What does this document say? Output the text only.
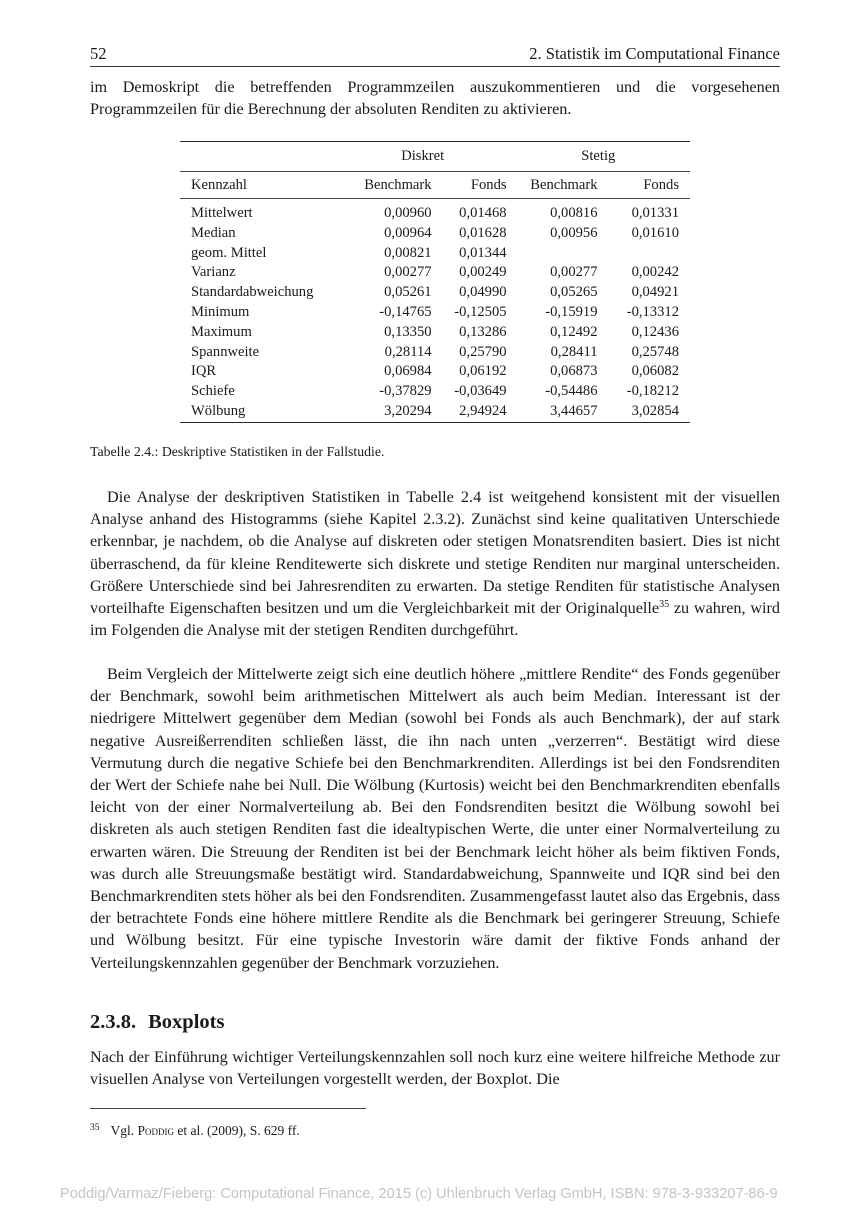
52	2. Statistik im Computational Finance
im Demoskript die betreffenden Programmzeilen auszukommentieren und die vorgesehenen Programmzeilen für die Berechnung der absoluten Renditen zu aktivieren.
	Diskret		Stetig	
Kennzahl	Benchmark	Fonds	Benchmark	Fonds

Mittelwert	0,00960	0,01468	0,00816	0,01331
Median	0,00964	0,01628	0,00956	0,01610
geom. Mittel	0,00821	0,01344		
Varianz	0,00277	0,00249	0,00277	0,00242
Standardabweichung	0,05261	0,04990	0,05265	0,04921
Minimum	-0,14765	-0,12505	-0,15919	-0,13312
Maximum	0,13350	0,13286	0,12492	0,12436
Spannweite	0,28114	0,25790	0,28411	0,25748
IQR	0,06984	0,06192	0,06873	0,06082
Schiefe	-0,37829	-0,03649	-0,54486	-0,18212
Wölbung	3,20294	2,94924	3,44657	3,02854
Tabelle 2.4.: Deskriptive Statistiken in der Fallstudie.
Die Analyse der deskriptiven Statistiken in Tabelle 2.4 ist weitgehend konsistent mit der visuellen Analyse anhand des Histogramms (siehe Kapitel 2.3.2). Zunächst sind keine qualitativen Unterschiede erkennbar, je nachdem, ob die Analyse auf diskreten oder stetigen Monatsrenditen basiert. Dies ist nicht überraschend, da für kleine Renditewerte sich diskrete und stetige Renditen nur marginal unterscheiden. Größere Unterschiede sind bei Jahresrenditen zu erwarten. Da stetige Renditen für statistische Analysen vorteilhafte Eigenschaften besitzen und um die Vergleichbarkeit mit der Originalquelle$^{35}$ zu wahren, wird im Folgenden die Analyse mit der stetigen Renditen durchgeführt.
Beim Vergleich der Mittelwerte zeigt sich eine deutlich höhere „mittlere Rendite“ des Fonds gegenüber der Benchmark, sowohl beim arithmetischen Mittelwert als auch beim Median. Interessant ist der niedrigere Mittelwert gegenüber dem Median (sowohl bei Fonds als auch Benchmark), der auf stark negative Ausreißerrenditen schließen lässt, die ihn nach unten „verzerren“. Bestätigt wird diese Vermutung durch die negative Schiefe bei den Benchmarkrenditen. Allerdings ist bei den Fondsrenditen der Wert der Schiefe nahe bei Null. Die Wölbung (Kurtosis) weicht bei den Benchmarkrenditen ebenfalls leicht von der einer Normalverteilung ab. Bei den Fondsrenditen besitzt die Wölbung sowohl bei diskreten als auch stetigen Renditen fast die idealtypischen Werte, die unter einer Normalverteilung zu erwarten wären. Die Streuung der Renditen ist bei der Benchmark leicht höher als beim fiktiven Fonds, was durch alle Streuungsmaße bestätigt wird. Standardabweichung, Spannweite und IQR sind bei den Benchmarkrenditen stets höher als bei den Fondsrenditen. Zusammengefasst lautet also das Ergebnis, dass der betrachtete Fonds eine höhere mittlere Rendite als die Benchmark bei geringerer Streuung, Schiefe und Wölbung besitzt. Für eine typische Investorin wäre damit der fiktive Fonds anhand der Verteilungskennzahlen gegenüber der Benchmark vorzuziehen.
2.3.8. Boxplots
Nach der Einführung wichtiger Verteilungskennzahlen soll noch kurz eine weitere hilfreiche Methode zur visuellen Analyse von Verteilungen vorgestellt werden, der Boxplot. Die
$^{35}$ Vgl. Poddig et al. (2009), S. 629 ff.
Poddig/Varmaz/Fieberg: Computational Finance, 2015 (c) Uhlenbruch Verlag GmbH, ISBN: 978-3-933207-86-9
